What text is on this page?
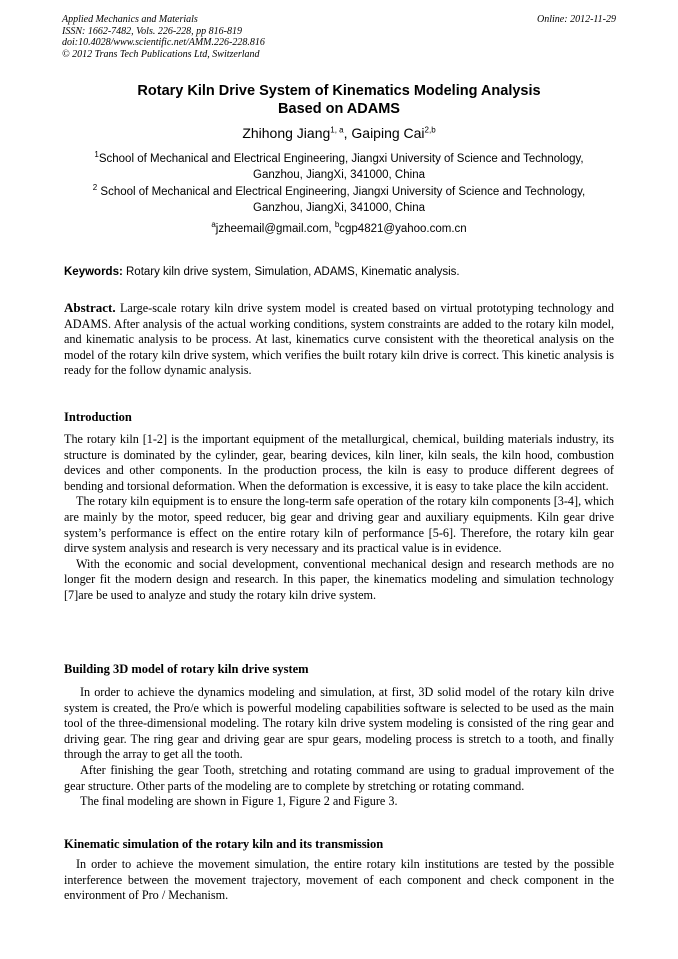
Applied Mechanics and Materials
ISSN: 1662-7482, Vols. 226-228, pp 816-819
doi:10.4028/www.scientific.net/AMM.226-228.816
© 2012 Trans Tech Publications Ltd, Switzerland
Online: 2012-11-29
Rotary Kiln Drive System of Kinematics Modeling Analysis
Based on ADAMS
Zhihong Jiang$^{1, a}$, Gaiping Cai$^{2,b}$
$^1$School of Mechanical and Electrical Engineering, Jiangxi University of Science and Technology,
Ganzhou, JiangXi, 341000, China
$^2$ School of Mechanical and Electrical Engineering, Jiangxi University of Science and Technology,
Ganzhou, JiangXi, 341000, China
$^a$jzheemail@gmail.com, $^b$cgp4821@yahoo.com.cn
Keywords: Rotary kiln drive system, Simulation, ADAMS, Kinematic analysis.
Abstract. Large-scale rotary kiln drive system model is created based on virtual prototyping technology and ADAMS. After analysis of the actual working conditions, system constraints are added to the rotary kiln model, and kinematic analysis to be process. At last, kinematics curve consistent with the theoretical analysis on the model of the rotary kiln drive system, which verifies the built rotary kiln drive is correct. This kinetic analysis is ready for the follow dynamic analysis.
Introduction

The rotary kiln [1-2] is the important equipment of the metallurgical, chemical, building materials industry, its structure is dominated by the cylinder, gear, bearing devices, kiln liner, kiln seals, the kiln hood, combustion devices and other components. In the production process, the kiln is easy to produce different degrees of bending and torsional deformation. When the deformation is excessive, it is easy to take place the kiln accident.

The rotary kiln equipment is to ensure the long-term safe operation of the rotary kiln components [3-4], which are mainly by the motor, speed reducer, big gear and driving gear and auxiliary equipments. Kiln gear drive system’s performance is effect on the entire rotary kiln of performance [5-6]. Therefore, the rotary kiln gear dirve system analysis and research is very necessary and its practical value is in evidence.

With the economic and social development, conventional mechanical design and research methods are no longer fit the modern design and research. In this paper, the kinematics modeling and simulation technology [7]are be used to analyze and study the rotary kiln drive system.

Building 3D model of rotary kiln drive system

In order to achieve the dynamics modeling and simulation, at first, 3D solid model of the rotary kiln drive system is created, the Pro/e which is powerful modeling capabilities software is selected to be used as the main tool of the three-dimensional modeling. The rotary kiln drive system modeling is consisted of the ring gear and driving gear. The ring gear and driving gear are spur gears, modeling process is stretch to a tooth, and finally through the array to get all the tooth.

After finishing the gear Tooth, stretching and rotating command are using to gradual improvement of the gear structure. Other parts of the modeling are to complete by stretching or rotating command.

The final modeling are shown in Figure 1, Figure 2 and Figure 3.

Kinematic simulation of the rotary kiln and its transmission

In order to achieve the movement simulation, the entire rotary kiln institutions are tested by the possible interference between the movement trajectory, movement of each component and check component in the environment of Pro / Mechanism.
